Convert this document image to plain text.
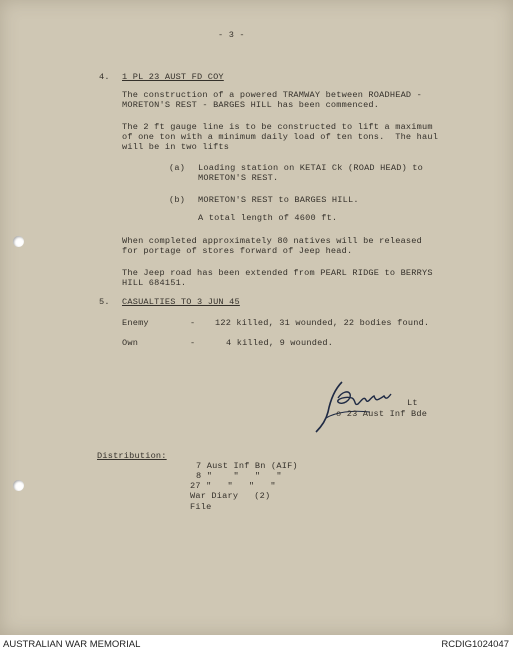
- 3 -
4. 1 PL 23 AUST FD COY
The construction of a powered TRAMWAY between ROADHEAD -
MORETON'S REST - BARGES HILL has been commenced.
The 2 ft gauge line is to be constructed to lift a maximum
of one ton with a minimum daily load of ten tons.  The haul
will be in two lifts
(a) Loading station on KETAI Ck (ROAD HEAD) to
MORETON'S REST.
(b) MORETON'S REST to BARGES HILL.
A total length of 4600 ft.
When completed approximately 80 natives will be released
for portage of stores forward of Jeep head.
The Jeep road has been extended from PEARL RIDGE to BERRYS
HILL 684151.
5. CASUALTIES TO 3 JUN 45
Enemy	- 122 killed, 31 wounded, 22 bodies found.
Own	-	4 killed, 9 wounded.
Lt
o 23 Aust Inf Bde
Distribution:
7 Aust Inf Bn (AIF)
8 "    "   "   "
27 "   "   "   "
War Diary   (2)
File
AUSTRALIAN WAR MEMORIAL	RCDIG1024047
